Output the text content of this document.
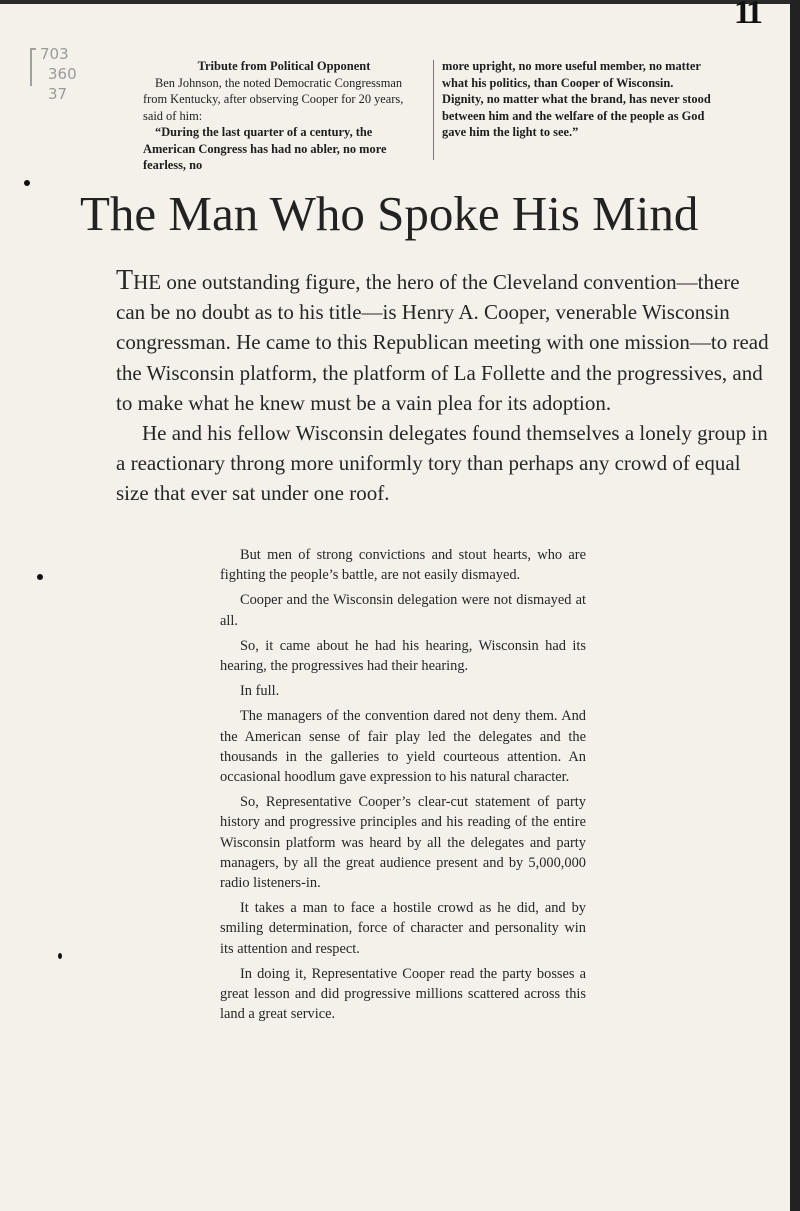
11
703
360
37
Tribute from Political Opponent
Ben Johnson, the noted Democratic Congressman from Kentucky, after observing Cooper for 20 years, said of him:
“During the last quarter of a century, the American Congress has had no abler, no more fearless, no
more upright, no more useful member, no matter what his politics, than Cooper of Wisconsin. Dignity, no matter what the brand, has never stood between him and the welfare of the people as God gave him the light to see.”
The Man Who Spoke His Mind

THE one outstanding figure, the hero of the Cleveland convention—there can be no doubt as to his title—is Henry A. Cooper, venerable Wisconsin congressman. He came to this Republican meeting with one mission—to read the Wisconsin platform, the platform of La Follette and the progressives, and to make what he knew must be a vain plea for its adoption.

He and his fellow Wisconsin delegates found themselves a lonely group in a reactionary throng more uniformly tory than perhaps any crowd of equal size that ever sat under one roof.

But men of strong convictions and stout hearts, who are fighting the people’s battle, are not easily dismayed.

Cooper and the Wisconsin delegation were not dismayed at all.

So, it came about he had his hearing, Wisconsin had its hearing, the progressives had their hearing.

In full.

The managers of the convention dared not deny them. And the American sense of fair play led the delegates and the thousands in the galleries to yield courteous attention. An occasional hoodlum gave expression to his natural character.

So, Representative Cooper’s clear-cut statement of party history and progressive principles and his reading of the entire Wisconsin platform was heard by all the delegates and party managers, by all the great audience present and by 5,000,000 radio listeners-in.

It takes a man to face a hostile crowd as he did, and by smiling determination, force of character and personality win its attention and respect.

In doing it, Representative Cooper read the party bosses a great lesson and did progressive millions scattered across this land a great service.
